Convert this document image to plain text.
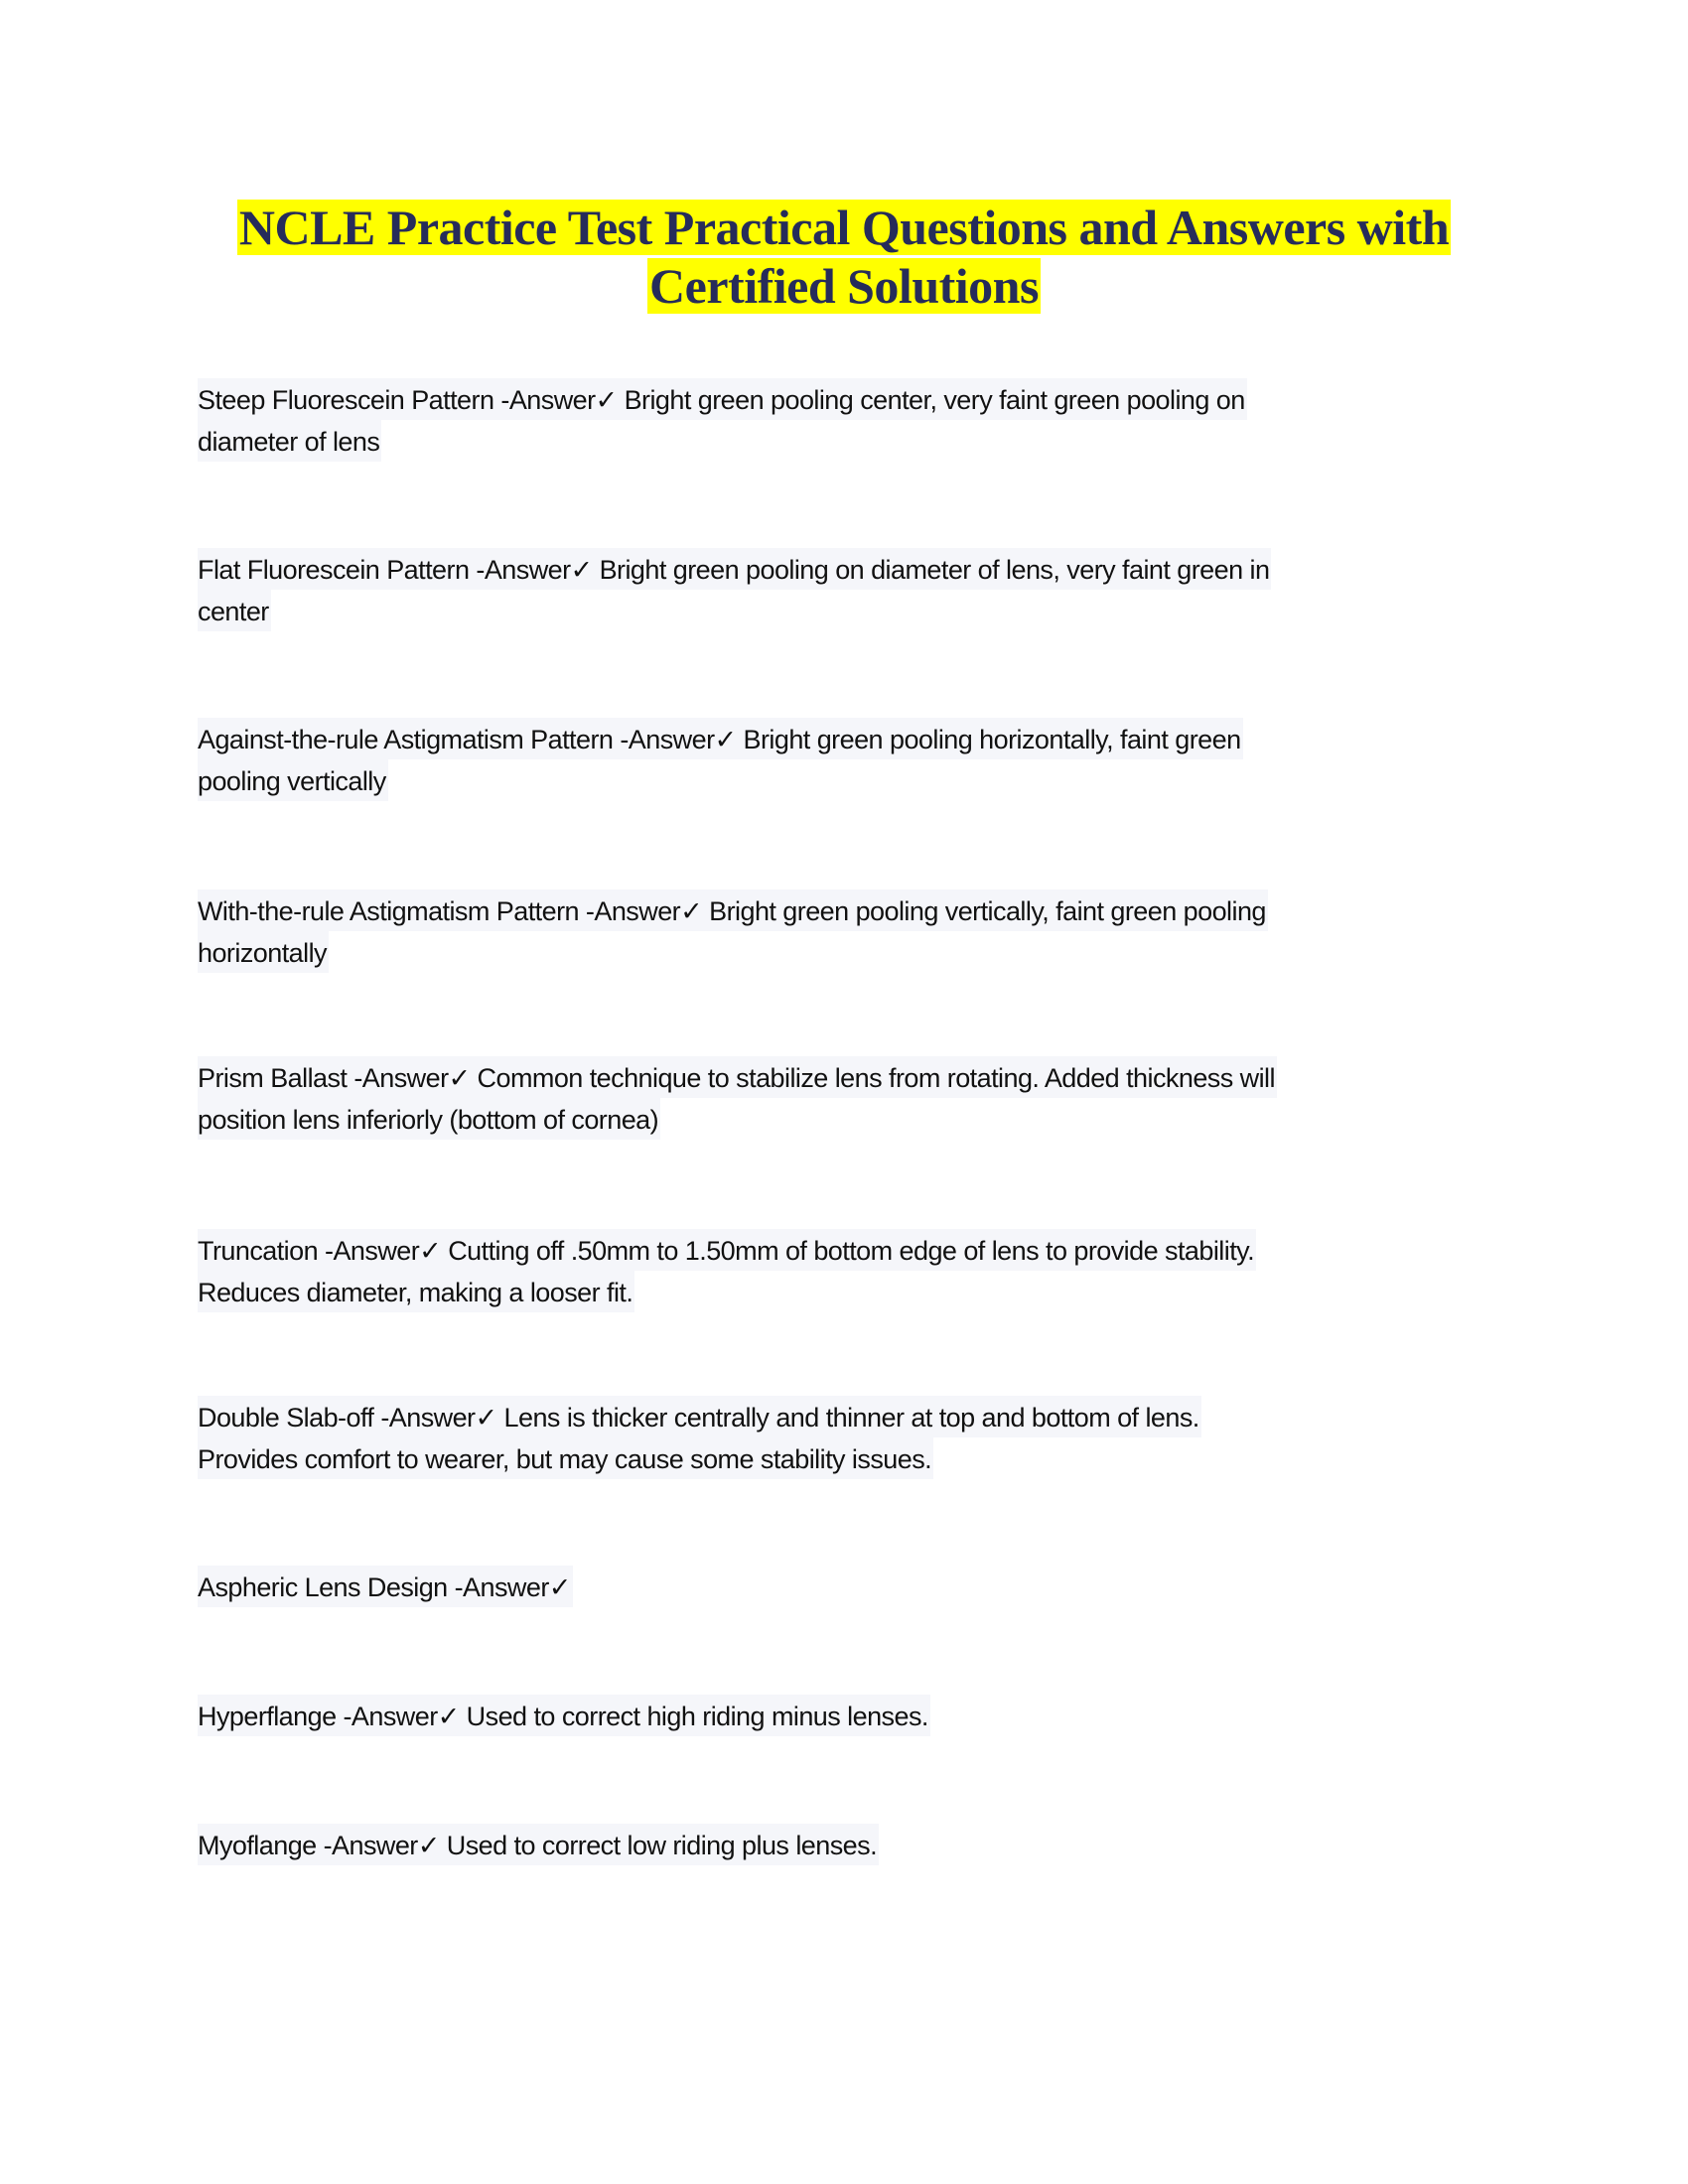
NCLE Practice Test Practical Questions and Answers with
Certified Solutions
Steep Fluorescein Pattern -Answer✓ Bright green pooling center, very faint green pooling on
diameter of lens
Flat Fluorescein Pattern -Answer✓ Bright green pooling on diameter of lens, very faint green in
center
Against-the-rule Astigmatism Pattern -Answer✓ Bright green pooling horizontally, faint green
pooling vertically
With-the-rule Astigmatism Pattern -Answer✓ Bright green pooling vertically, faint green pooling
horizontally
Prism Ballast -Answer✓ Common technique to stabilize lens from rotating. Added thickness will
position lens inferiorly (bottom of cornea)
Truncation -Answer✓ Cutting off .50mm to 1.50mm of bottom edge of lens to provide stability.
Reduces diameter, making a looser fit.
Double Slab-off -Answer✓ Lens is thicker centrally and thinner at top and bottom of lens.
Provides comfort to wearer, but may cause some stability issues.
Aspheric Lens Design -Answer✓
Hyperflange -Answer✓ Used to correct high riding minus lenses.
Myoflange -Answer✓ Used to correct low riding plus lenses.
